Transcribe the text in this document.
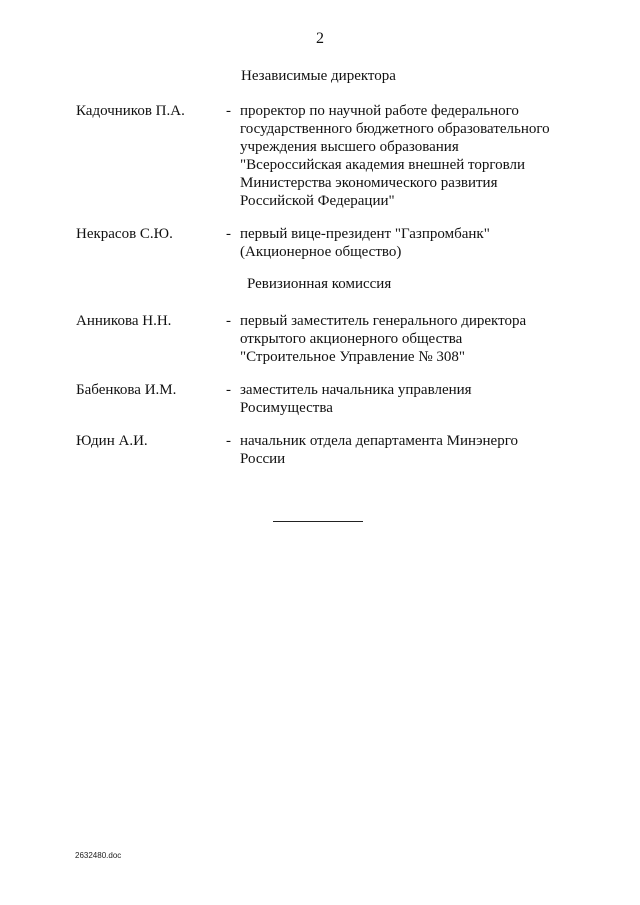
2
Независимые директора
Кадочников П.А.	- проректор по научной работе федерального
государственного бюджетного образовательного
учреждения высшего образования
"Всероссийская академия внешней торговли
Министерства экономического развития
Российской Федерации"
Некрасов С.Ю.	- первый вице-президент "Газпромбанк"
(Акционерное общество)
Ревизионная комиссия
Анникова Н.Н.	- первый заместитель генерального директора
открытого акционерного общества
"Строительное Управление № 308"
Бабенкова И.М.	- заместитель начальника управления
Росимущества
Юдин А.И.	- начальник отдела департамента Минэнерго
России
2632480.doc
